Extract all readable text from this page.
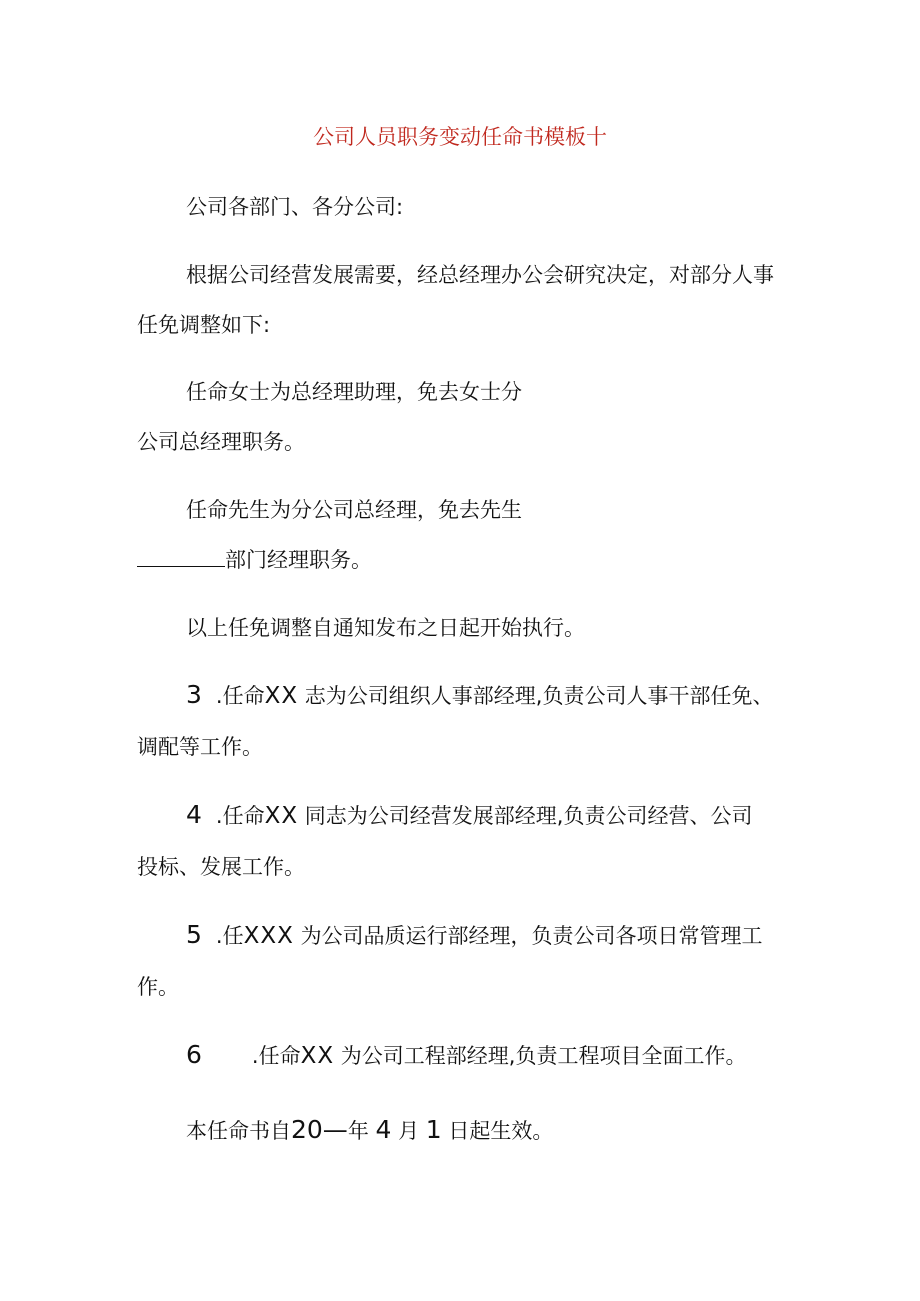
公司人员职务变动任命书模板十
公司各部门、各分公司:
根据公司经营发展需要，经总经理办公会研究决定，对部分人事
任免调整如下:
任命女士为总经理助理，免去女士分
公司总经理职务。
任命先生为分公司总经理，免去先生
部门经理职务。
以上任免调整自通知发布之日起开始执行。
3 .任命XX 志为公司组织人事部经理,负责公司人事干部任免、
调配等工作。
4 .任命XX 同志为公司经营发展部经理,负责公司经营、公司
投标、发展工作。
5 .任XXX 为公司品质运行部经理，负责公司各项日常管理工
作。
6 .任命XX 为公司工程部经理,负责工程项目全面工作。
本任命书自20—年 4 月 1 日起生效。
